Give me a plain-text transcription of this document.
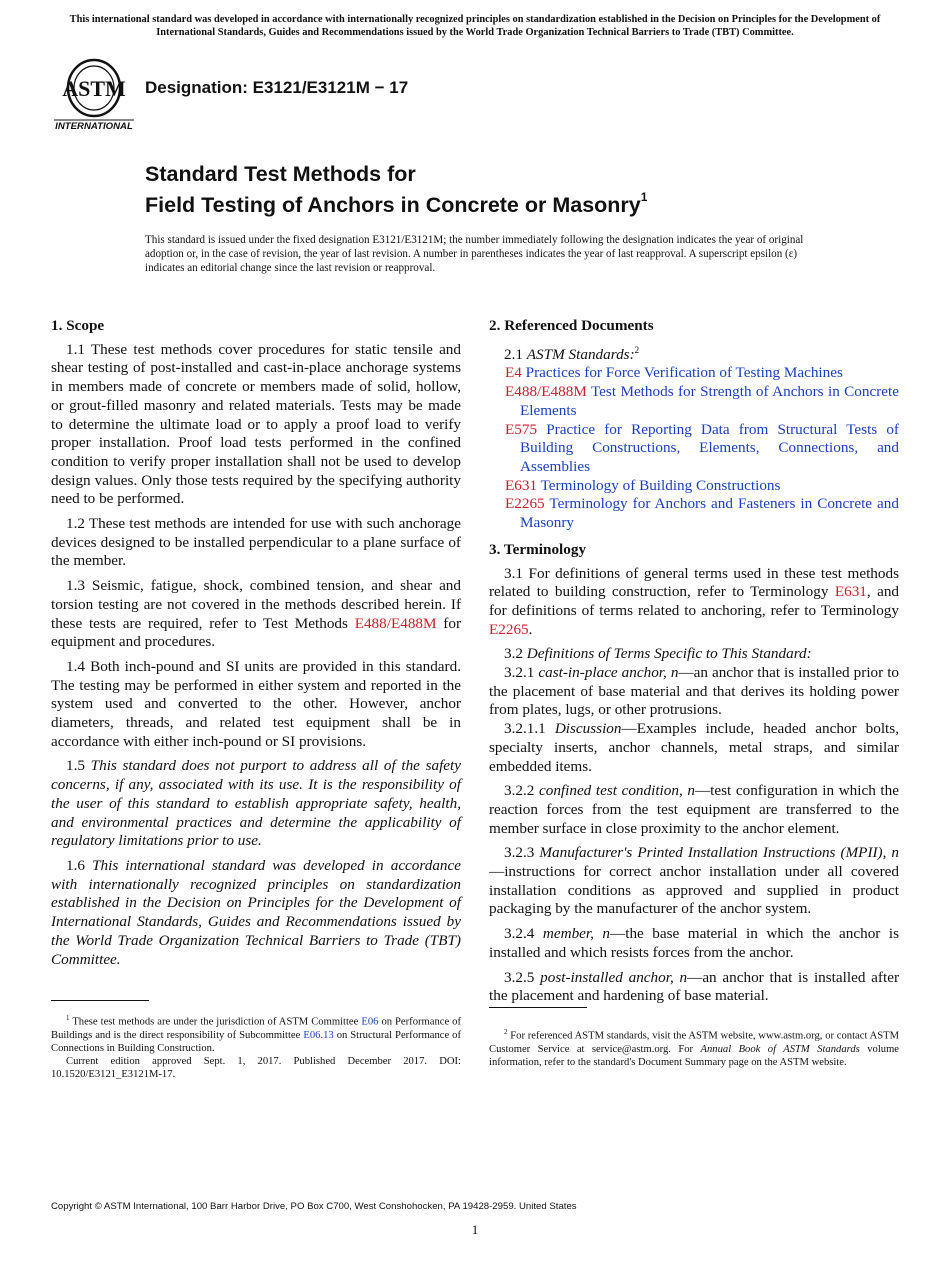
This international standard was developed in accordance with internationally recognized principles on standardization established in the Decision on Principles for the Development of International Standards, Guides and Recommendations issued by the World Trade Organization Technical Barriers to Trade (TBT) Committee.
ASTM
INTERNATIONAL
Designation: E3121/E3121M − 17
Standard Test Methods for
Field Testing of Anchors in Concrete or Masonry$^1$
This standard is issued under the fixed designation E3121/E3121M; the number immediately following the designation indicates the year of original adoption or, in the case of revision, the year of last revision. A number in parentheses indicates the year of last reapproval. A superscript epsilon (ε) indicates an editorial change since the last revision or reapproval.
1. Scope

1.1 These test methods cover procedures for static tensile and shear testing of post-installed and cast-in-place anchorage systems in members made of concrete or members made of solid, hollow, or grout-filled masonry and related materials. Tests may be made to determine the ultimate load or to apply a proof load to verify proper installation. Proof load tests performed in the confined condition to verify proper installation shall not be used to develop design values. Only those tests required by the specifying authority need to be performed.

1.2 These test methods are intended for use with such anchorage devices designed to be installed perpendicular to a plane surface of the member.

1.3 Seismic, fatigue, shock, combined tension, and shear and torsion testing are not covered in the methods described herein. If these tests are required, refer to Test Methods E488/E488M for equipment and procedures.

1.4 Both inch-pound and SI units are provided in this standard. The testing may be performed in either system and reported in the system used and converted to the other. However, anchor diameters, threads, and related test equipment shall be in accordance with either inch-pound or SI provisions.

1.5 This standard does not purport to address all of the safety concerns, if any, associated with its use. It is the responsibility of the user of this standard to establish appropriate safety, health, and environmental practices and determine the applicability of regulatory limitations prior to use.

1.6 This international standard was developed in accordance with internationally recognized principles on standardization established in the Decision on Principles for the Development of International Standards, Guides and Recommendations issued by the World Trade Organization Technical Barriers to Trade (TBT) Committee.

2. Referenced Documents

2.1 ASTM Standards:$^2$

E4 Practices for Force Verification of Testing Machines

E488/E488M Test Methods for Strength of Anchors in Concrete Elements

E575 Practice for Reporting Data from Structural Tests of Building Constructions, Elements, Connections, and Assemblies

E631 Terminology of Building Constructions

E2265 Terminology for Anchors and Fasteners in Concrete and Masonry

3. Terminology

3.1 For definitions of general terms used in these test methods related to building construction, refer to Terminology E631, and for definitions of terms related to anchoring, refer to Terminology E2265.

3.2 Definitions of Terms Specific to This Standard:

3.2.1 cast-in-place anchor, n—an anchor that is installed prior to the placement of base material and that derives its holding power from plates, lugs, or other protrusions.

3.2.1.1 Discussion—Examples include, headed anchor bolts, specialty inserts, anchor channels, metal straps, and similar embedded items.

3.2.2 confined test condition, n—test configuration in which the reaction forces from the test equipment are transferred to the member surface in close proximity to the anchor element.

3.2.3 Manufacturer's Printed Installation Instructions (MPII), n—instructions for correct anchor installation under all covered installation conditions as approved and supplied in product packaging by the manufacturer of the anchor system.

3.2.4 member, n—the base material in which the anchor is installed and which resists forces from the anchor.

3.2.5 post-installed anchor, n—an anchor that is installed after the placement and hardening of base material.

$^1$ These test methods are under the jurisdiction of ASTM Committee E06 on Performance of Buildings and is the direct responsibility of Subcommittee E06.13 on Structural Performance of Connections in Building Construction.

Current edition approved Sept. 1, 2017. Published December 2017. DOI: 10.1520/E3121_E3121M-17.

$^2$ For referenced ASTM standards, visit the ASTM website, www.astm.org, or contact ASTM Customer Service at service@astm.org. For Annual Book of ASTM Standards volume information, refer to the standard's Document Summary page on the ASTM website.

Copyright © ASTM International, 100 Barr Harbor Drive, PO Box C700, West Conshohocken, PA 19428-2959. United States
1
